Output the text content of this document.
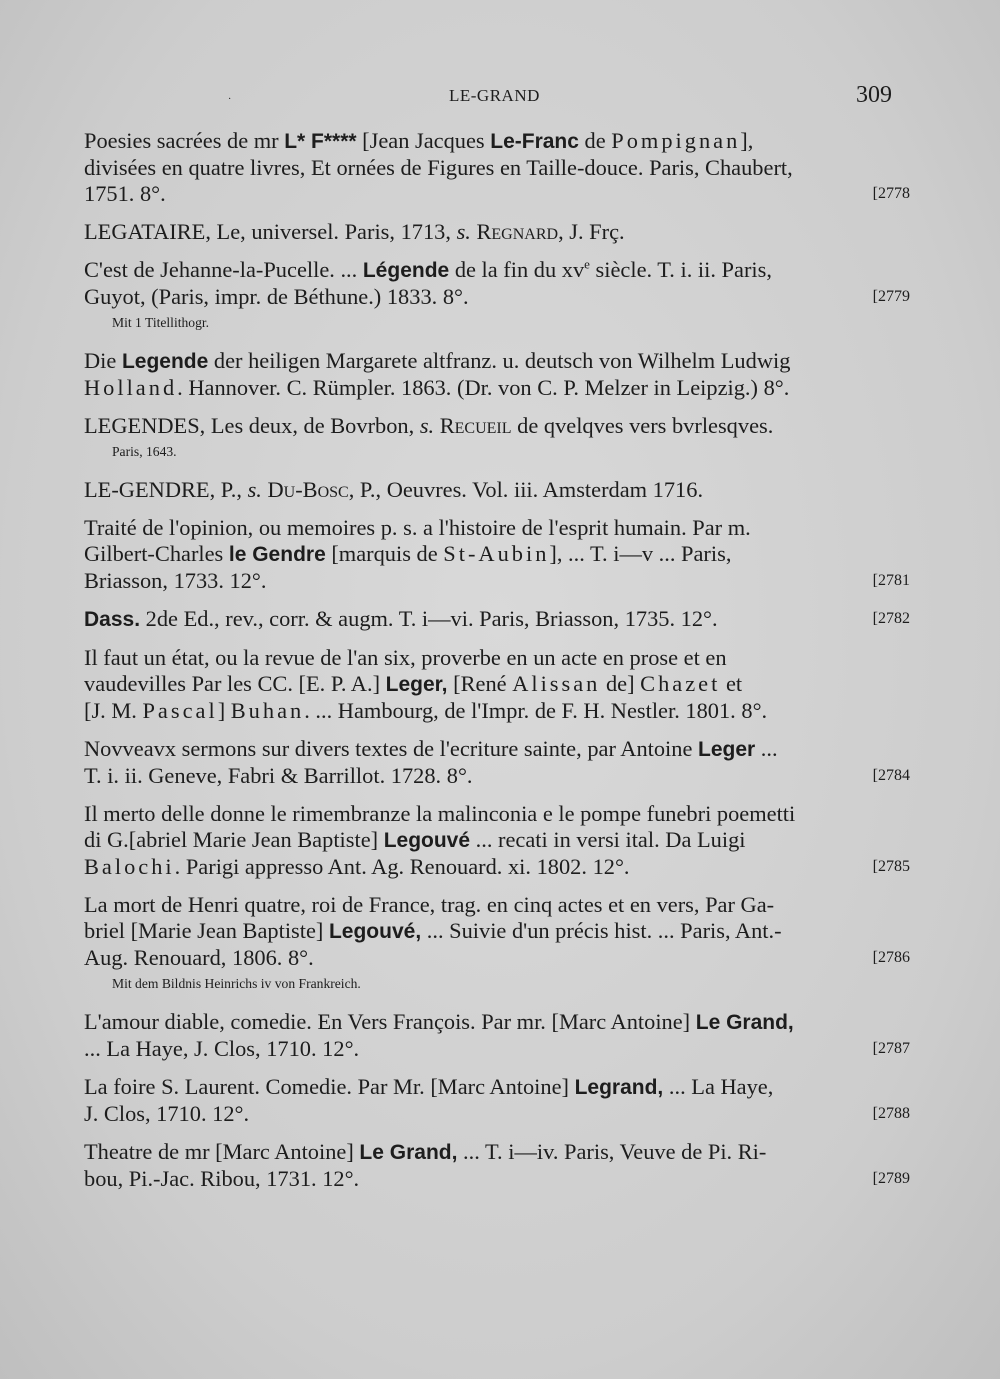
·	LE-GRAND	309
Poesies sacrées de mr L* F**** [Jean Jacques Le-Franc de Pompignan],
divisées en quatre livres, Et ornées de Figures en Taille-douce. Paris, Chaubert,
1751. 8°.	[2778
LEGATAIRE, Le, universel. Paris, 1713, s. Regnard, J. Frç.
C'est de Jehanne-la-Pucelle. ... Légende de la fin du $xv^e$ siècle. T. i. ii. Paris,
Guyot, (Paris, impr. de Béthune.) 1833. 8°.	[2779
Mit 1 Titellithogr.
Die Legende der heiligen Margarete altfranz. u. deutsch von Wilhelm Ludwig
Holland. Hannover. C. Rümpler. 1863. (Dr. von C. P. Melzer in Leipzig.) 8°.
LEGENDES, Les deux, de Bovrbon, s. Recueil de qvelqves vers bvrlesqves.
Paris, 1643.
LE-GENDRE, P., s. Du-Bosc, P., Oeuvres. Vol. iii. Amsterdam 1716.
Traité de l'opinion, ou memoires p. s. a l'histoire de l'esprit humain. Par m.
Gilbert-Charles le Gendre [marquis de St-Aubin], ... T. i—v ... Paris,
Briasson, 1733. 12°.	[2781
Dass. 2de Ed., rev., corr. & augm. T. i—vi. Paris, Briasson, 1735. 12°.	[2782
Il faut un état, ou la revue de l'an six, proverbe en un acte en prose et en
vaudevilles Par les CC. [E. P. A.] Leger, [René Alissan de] Chazet et
[J. M. Pascal] Buhan. ... Hambourg, de l'Impr. de F. H. Nestler. 1801. 8°.
Novveavx sermons sur divers textes de l'ecriture sainte, par Antoine Leger ...
T. i. ii. Geneve, Fabri & Barrillot. 1728. 8°.	[2784
Il merto delle donne le rimembranze la malinconia e le pompe funebri poemetti
di G.[abriel Marie Jean Baptiste] Legouvé ... recati in versi ital. Da Luigi
Balochi. Parigi appresso Ant. Ag. Renouard. xi. 1802. 12°.	[2785
La mort de Henri quatre, roi de France, trag. en cinq actes et en vers, Par Ga-
briel [Marie Jean Baptiste] Legouvé, ... Suivie d'un précis hist. ... Paris, Ant.-
Aug. Renouard, 1806. 8°.	[2786
Mit dem Bildnis Heinrichs iv von Frankreich.
L'amour diable, comedie. En Vers François. Par mr. [Marc Antoine] Le Grand,
... La Haye, J. Clos, 1710. 12°.	[2787
La foire S. Laurent. Comedie. Par Mr. [Marc Antoine] Legrand, ... La Haye,
J. Clos, 1710. 12°.	[2788
Theatre de mr [Marc Antoine] Le Grand, ... T. i—iv. Paris, Veuve de Pi. Ri-
bou, Pi.-Jac. Ribou, 1731. 12°.	[2789
